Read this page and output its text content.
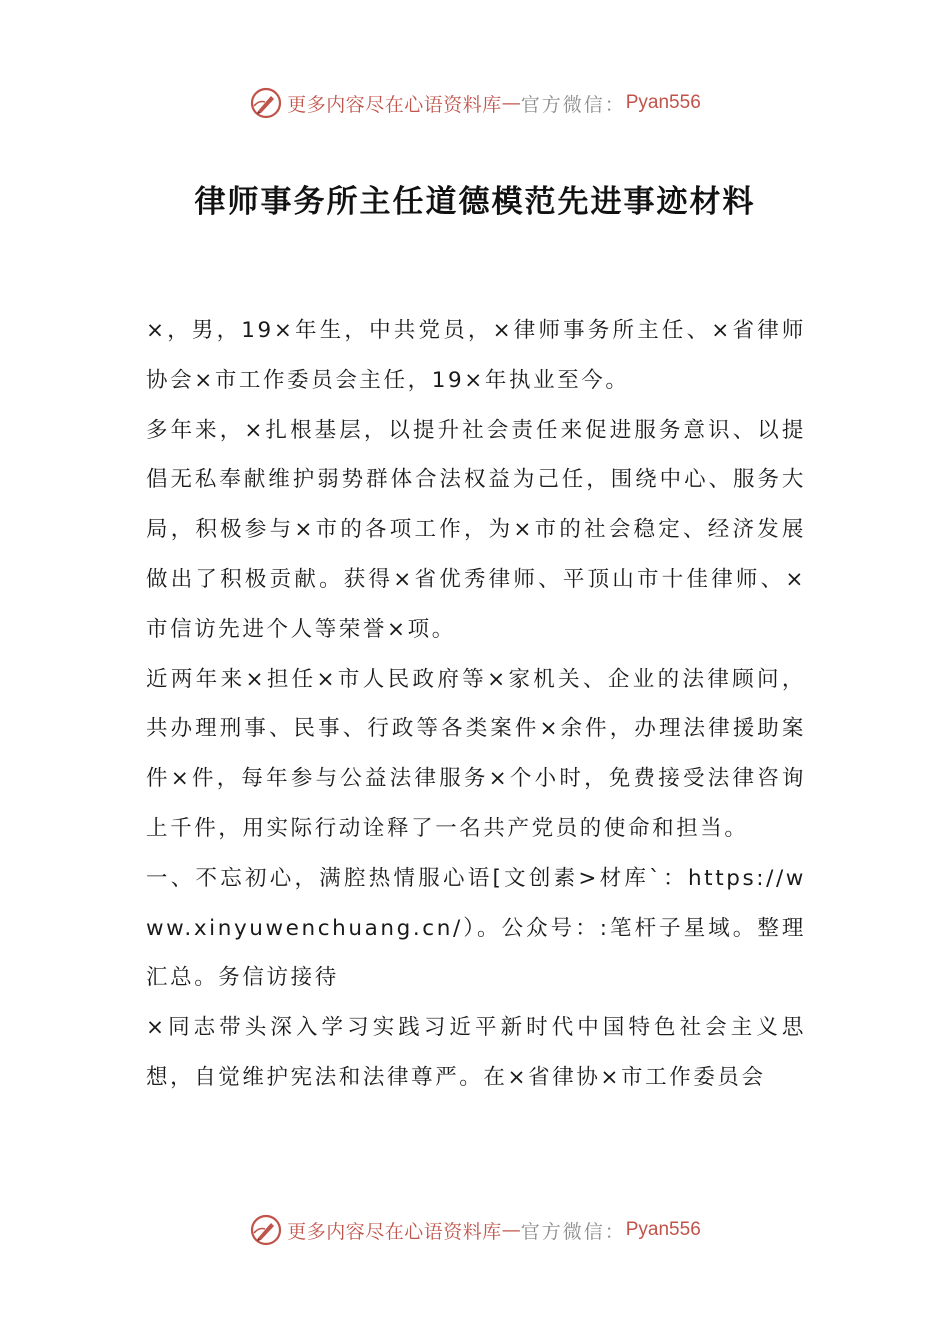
更多内容尽在心语资料库 — 官方微信： Pyan556
律师事务所主任道德模范先进事迹材料

×，男，19×年生，中共党员，×律师事务所主任、×省律师协会×市工作委员会主任，19×年执业至今。

多年来，×扎根基层，以提升社会责任来促进服务意识、以提倡无私奉献维护弱势群体合法权益为己任，围绕中心、服务大局，积极参与×市的各项工作，为×市的社会稳定、经济发展做出了积极贡献。获得×省优秀律师、平顶山市十佳律师、×市信访先进个人等荣誉×项。

近两年来×担任×市人民政府等×家机关、企业的法律顾问，共办理刑事、民事、行政等各类案件×余件，办理法律援助案件×件，每年参与公益法律服务×个小时，免费接受法律咨询上千件，用实际行动诠释了一名共产党员的使命和担当。

一、不忘初心，满腔热情服心语[文创素>材库`：https://www.xinyuwenchuang.cn/）。公众号：:笔杆子星域。整理汇总。务信访接待

×同志带头深入学习实践习近平新时代中国特色社会主义思想，自觉维护宪法和法律尊严。在×省律协×市工作委员会

更多内容尽在心语资料库 — 官方微信： Pyan556
